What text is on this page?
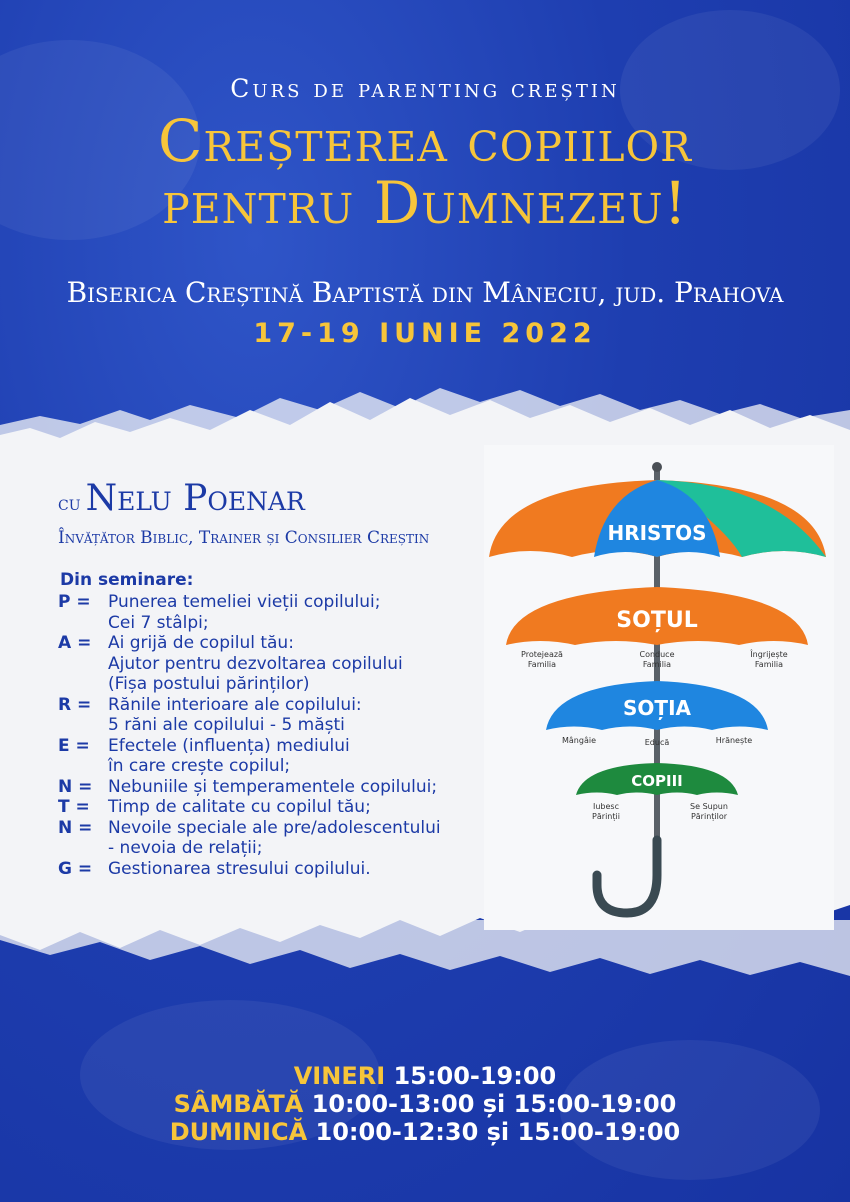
Curs de parenting creștin
Creșterea copiilor
pentru Dumnezeu!
Biserica Creștină Baptistă din Mâneciu, jud. Prahova
17-19 IUNIE 2022
cu Nelu Poenar
Învățător Biblic, Trainer și Consilier Creștin
Din seminare:
P =	Punerea temeliei vieții copilului;
Cei 7 stâlpi;
A = Ai grijă de copilul tău:
Ajutor pentru dezvoltarea copilului
(Fișa postului părinților)
R = Rănile interioare ale copilului:
5 răni ale copilului - 5 măști
E =	Efectele (influența) mediului
în care crește copilul;
N = Nebuniile și temperamentele copilului;
T =	Timp de calitate cu copilul tău;
N = Nevoile speciale ale pre/adolescentului
- nevoia de relații;
G = Gestionarea stresului copilului.
HRISTOS
SOȚUL
Protejează
Familia
Conduce
Familia
Îngrijește
Familia
SOȚIA
Mângâie	Educă	Hrănește
COPIII
Iubesc
Părinții
Se Supun
Părinților
VINERI 15:00-19:00
SÂMBĂTĂ 10:00-13:00 și 15:00-19:00
DUMINICĂ 10:00-12:30 și 15:00-19:00
